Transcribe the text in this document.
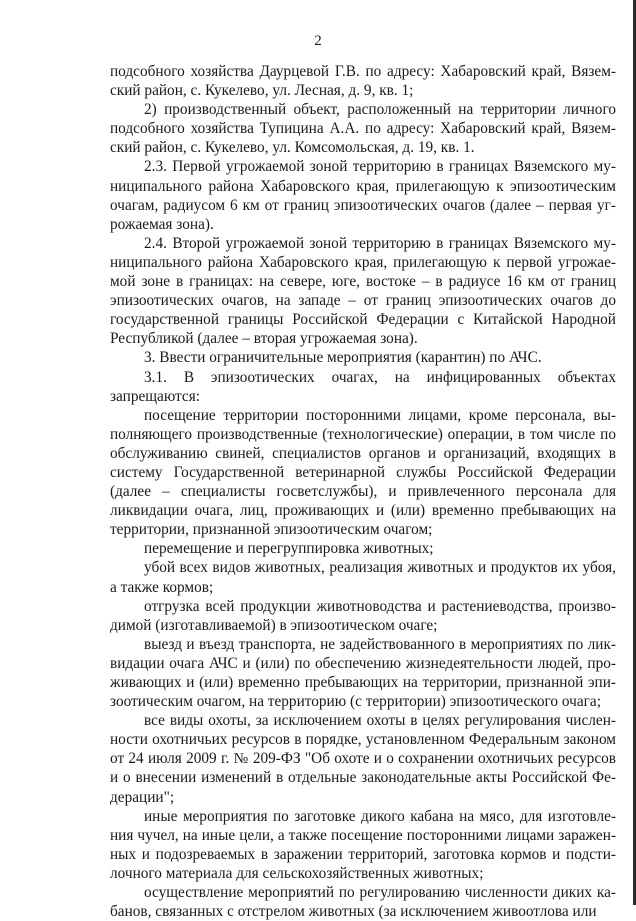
2

подсобного хозяйства Даурцевой Г.В. по адресу: Хабаровский край, Вяземский район, с. Кукелево, ул. Лесная, д. 9, кв. 1;

2) производственный объект, расположенный на территории личного подсобного хозяйства Тупицина А.А. по адресу: Хабаровский край, Вяземский район, с. Кукелево, ул. Комсомольская, д. 19, кв. 1.

2.3. Первой угрожаемой зоной территорию в границах Вяземского муниципального района Хабаровского края, прилегающую к эпизоотическим очагам, радиусом 6 км от границ эпизоотических очагов (далее – первая угрожаемая зона).

2.4. Второй угрожаемой зоной территорию в границах Вяземского муниципального района Хабаровского края, прилегающую к первой угрожаемой зоне в границах: на севере, юге, востоке – в радиусе 16 км от границ эпизоотических очагов, на западе – от границ эпизоотических очагов до государственной границы Российской Федерации с Китайской Народной Республикой (далее – вторая угрожаемая зона).

3. Ввести ограничительные мероприятия (карантин) по АЧС.

3.1. В эпизоотических очагах, на инфицированных объектах запрещаются:

посещение территории посторонними лицами, кроме персонала, выполняющего производственные (технологические) операции, в том числе по обслуживанию свиней, специалистов органов и организаций, входящих в систему Государственной ветеринарной службы Российской Федерации (далее – специалисты госветслужбы), и привлеченного персонала для ликвидации очага, лиц, проживающих и (или) временно пребывающих на территории, признанной эпизоотическим очагом;

перемещение и перегруппировка животных;

убой всех видов животных, реализация животных и продуктов их убоя, а также кормов;

отгрузка всей продукции животноводства и растениеводства, производимой (изготавливаемой) в эпизоотическом очаге;

выезд и въезд транспорта, не задействованного в мероприятиях по ликвидации очага АЧС и (или) по обеспечению жизнедеятельности людей, проживающих и (или) временно пребывающих на территории, признанной эпизоотическим очагом, на территорию (с территории) эпизоотического очага;

все виды охоты, за исключением охоты в целях регулирования численности охотничьих ресурсов в порядке, установленном Федеральным законом от 24 июля 2009 г. № 209-ФЗ "Об охоте и о сохранении охотничьих ресурсов и о внесении изменений в отдельные законодательные акты Российской Федерации";

иные мероприятия по заготовке дикого кабана на мясо, для изготовления чучел, на иные цели, а также посещение посторонними лицами зараженных и подозреваемых в заражении территорий, заготовка кормов и подстилочного материала для сельскохозяйственных животных;

осуществление мероприятий по регулированию численности диких кабанов, связанных с отстрелом животных (за исключением живоотлова или
